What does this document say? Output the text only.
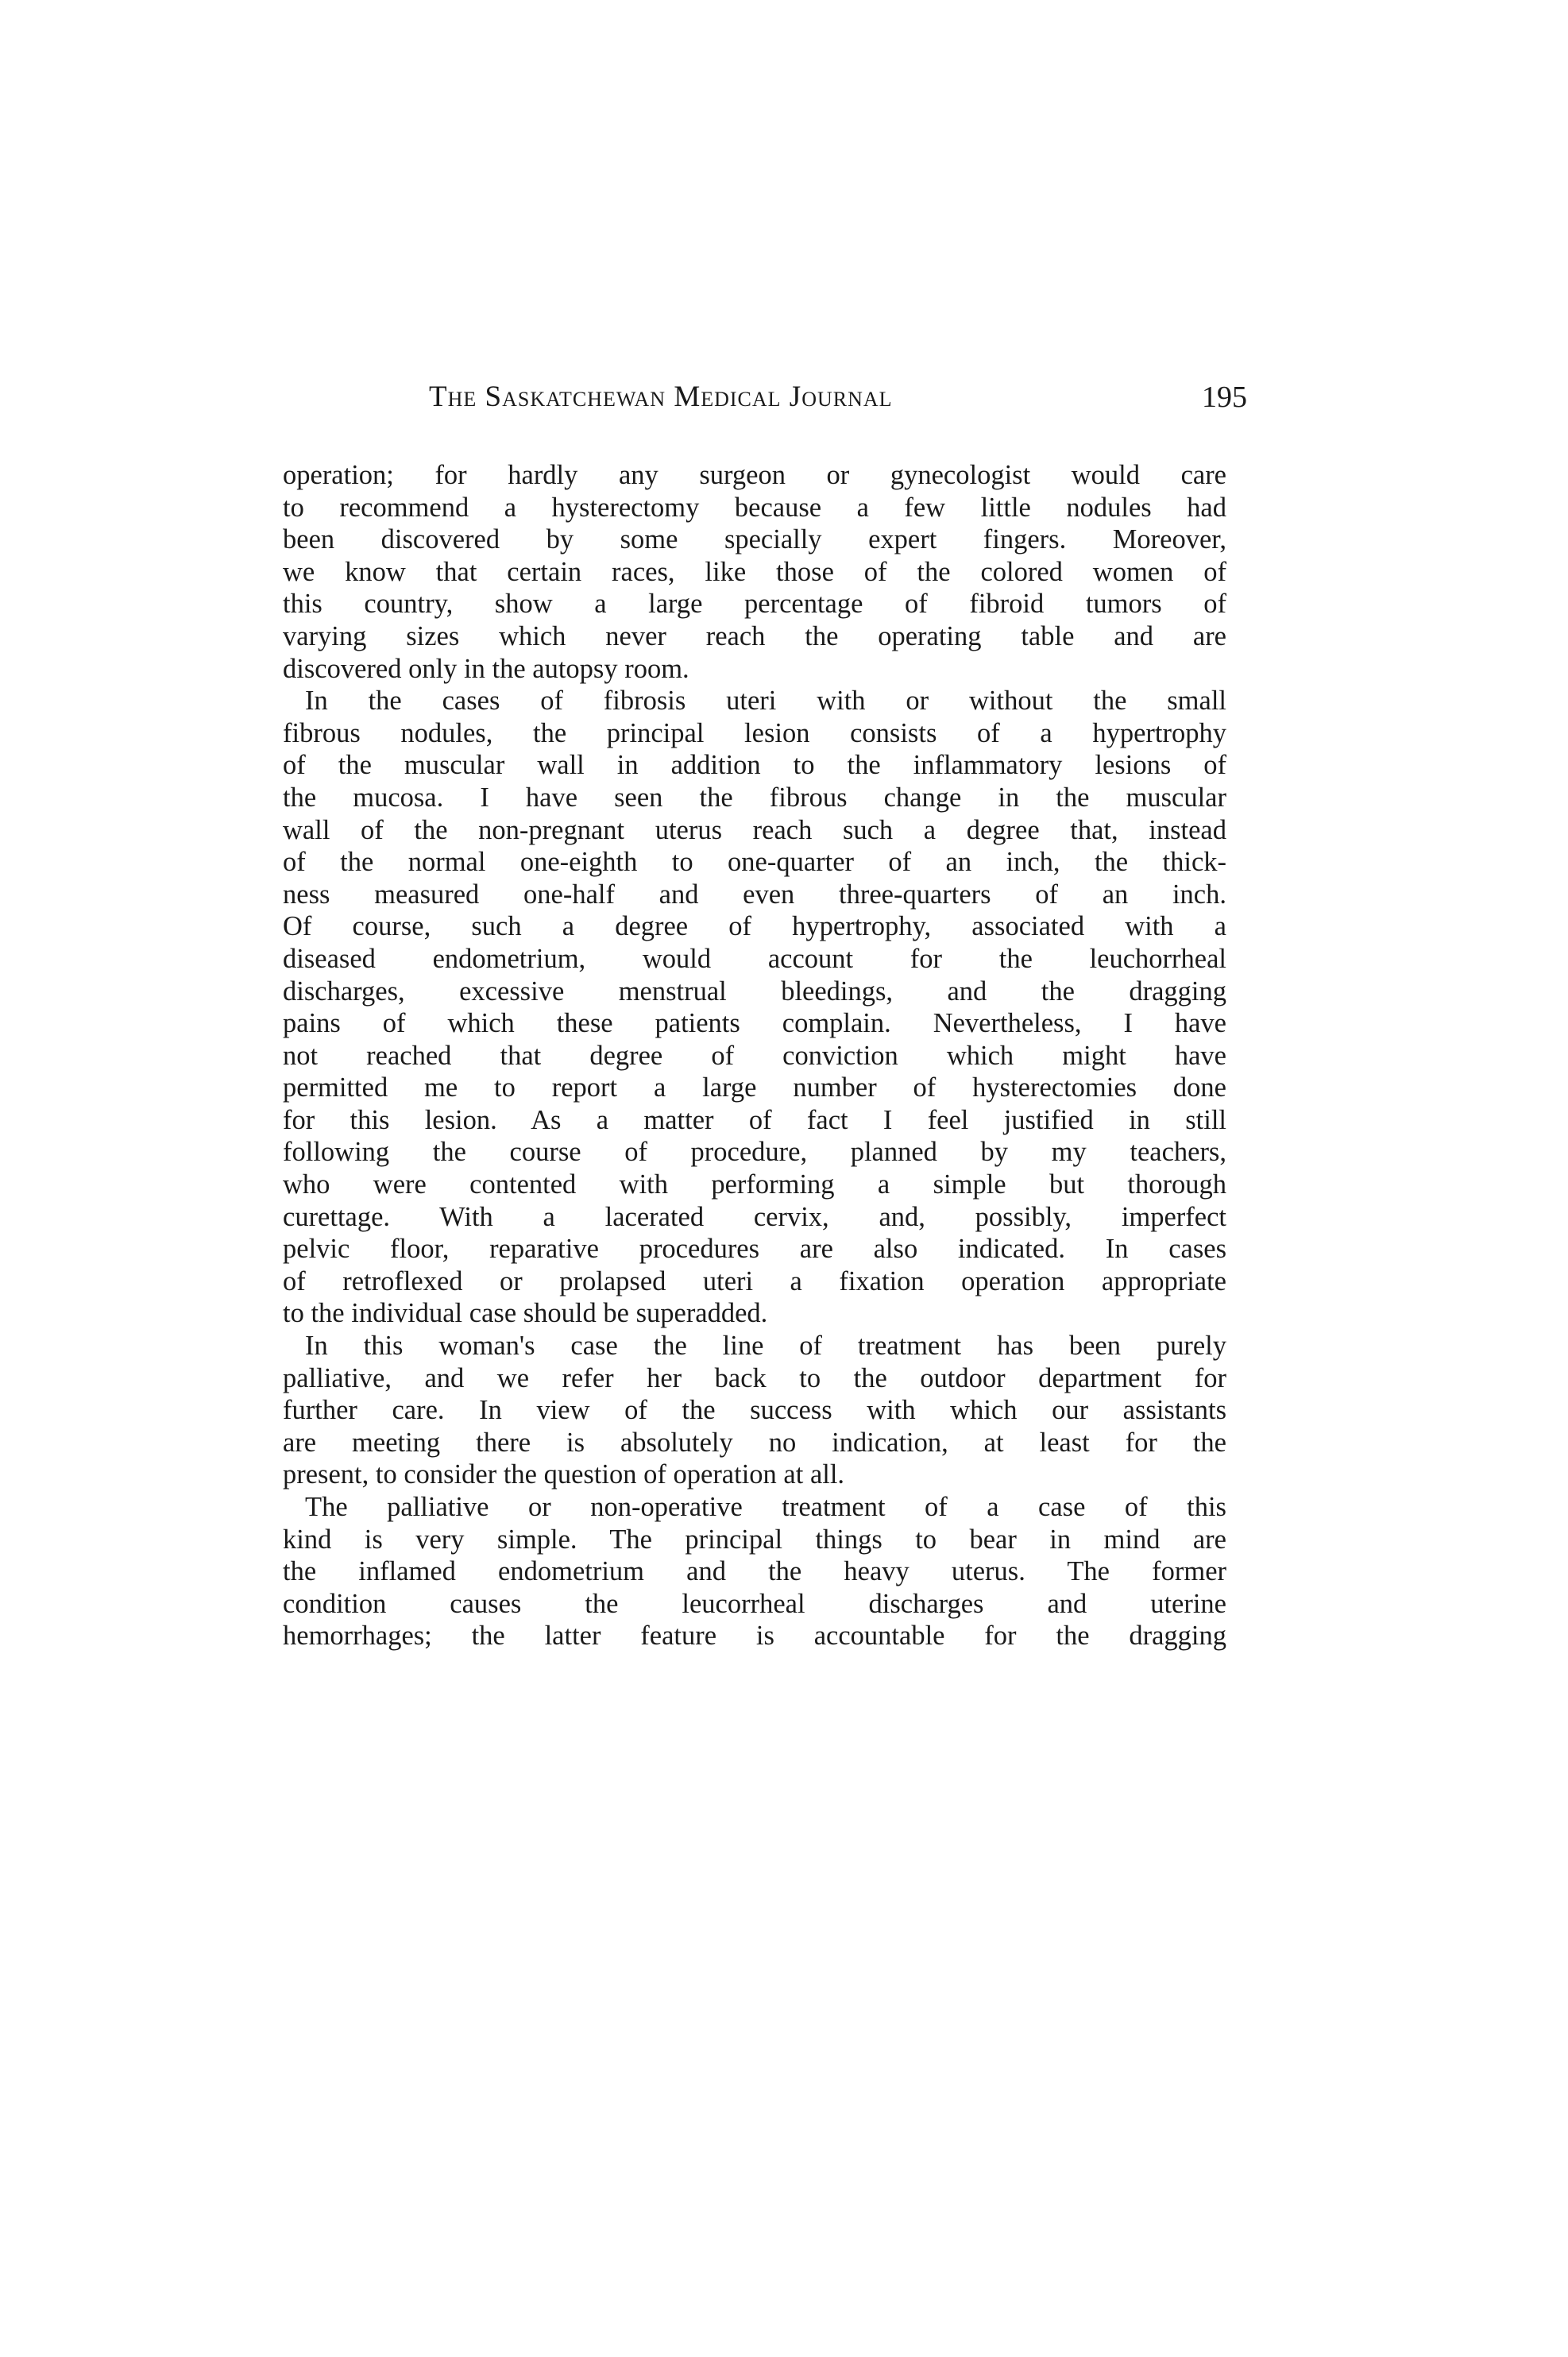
The Saskatchewan Medical Journal	195
operation; for hardly any surgeon or gynecologist would care
to recommend a hysterectomy because a few little nodules had
been discovered by some specially expert fingers. Moreover,
we know that certain races, like those of the colored women of
this country, show a large percentage of fibroid tumors of
varying sizes which never reach the operating table and are
discovered only in the autopsy room.
In the cases of fibrosis uteri with or without the small
fibrous nodules, the principal lesion consists of a hypertrophy
of the muscular wall in addition to the inflammatory lesions of
the mucosa. I have seen the fibrous change in the muscular
wall of the non-pregnant uterus reach such a degree that, instead
of the normal one-eighth to one-quarter of an inch, the thick-
ness measured one-half and even three-quarters of an inch.
Of course, such a degree of hypertrophy, associated with a
diseased endometrium, would account for the leuchorrheal
discharges, excessive menstrual bleedings, and the dragging
pains of which these patients complain. Nevertheless, I have
not reached that degree of conviction which might have
permitted me to report a large number of hysterectomies done
for this lesion. As a matter of fact I feel justified in still
following the course of procedure, planned by my teachers,
who were contented with performing a simple but thorough
curettage. With a lacerated cervix, and, possibly, imperfect
pelvic floor, reparative procedures are also indicated. In cases
of retroflexed or prolapsed uteri a fixation operation appropriate
to the individual case should be superadded.
In this woman's case the line of treatment has been purely
palliative, and we refer her back to the outdoor department for
further care. In view of the success with which our assistants
are meeting there is absolutely no indication, at least for the
present, to consider the question of operation at all.
The palliative or non-operative treatment of a case of this
kind is very simple. The principal things to bear in mind are
the inflamed endometrium and the heavy uterus. The former
condition causes the leucorrheal discharges and uterine
hemorrhages; the latter feature is accountable for the dragging
